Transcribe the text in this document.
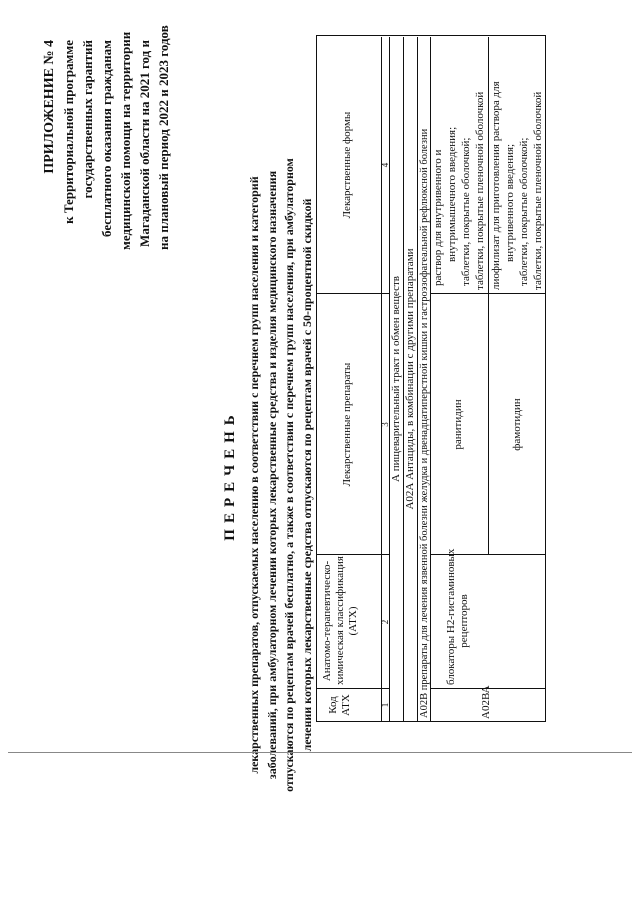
ПРИЛОЖЕНИЕ № 4 к Территориальной программе государственных гарантий бесплатного оказания гражданам медицинской помощи на территории Магаданской области на 2021 год и на плановый период 2022 и 2023 годов
ПЕРЕЧЕНЬ лекарственных препаратов, отпускаемых населению в соответствии с перечнем групп населения и категорий заболеваний, при амбулаторном лечении которых лекарственные средства и изделия медицинского назначения отпускаются по рецептам врачей бесплатно, а также в соответствии с перечнем групп населения, при амбулаторном лечении которых лекарственные средства отпускаются по рецептам врачей с 50-процентной скидкой Код АТХ
Анатомо-терапевтическо- химическая классификация (АТХ)
Лекарственные препараты
Лекарственные формы
1
2
3
4
А пищеварительный тракт и обмен веществ А02А Антациды, в комбинации с другими препаратами А02В препараты для лечения язвенной болезни желудка и двенадцатиперстной кишки и гастроэзофагеальной рефлюксной болезни	А02ВА
блокаторы Н2-гистаминовых рецепторов
ранитидин
раствор для внутривенного и внутримышечного введения; таблетки, покрытые оболочкой; таблетки, покрытые пленочной оболочкой
фамотидин
лиофилизат для приготовления раствора для внутривенного введения; таблетки, покрытые оболочкой; таблетки, покрытые пленочной оболочкой
